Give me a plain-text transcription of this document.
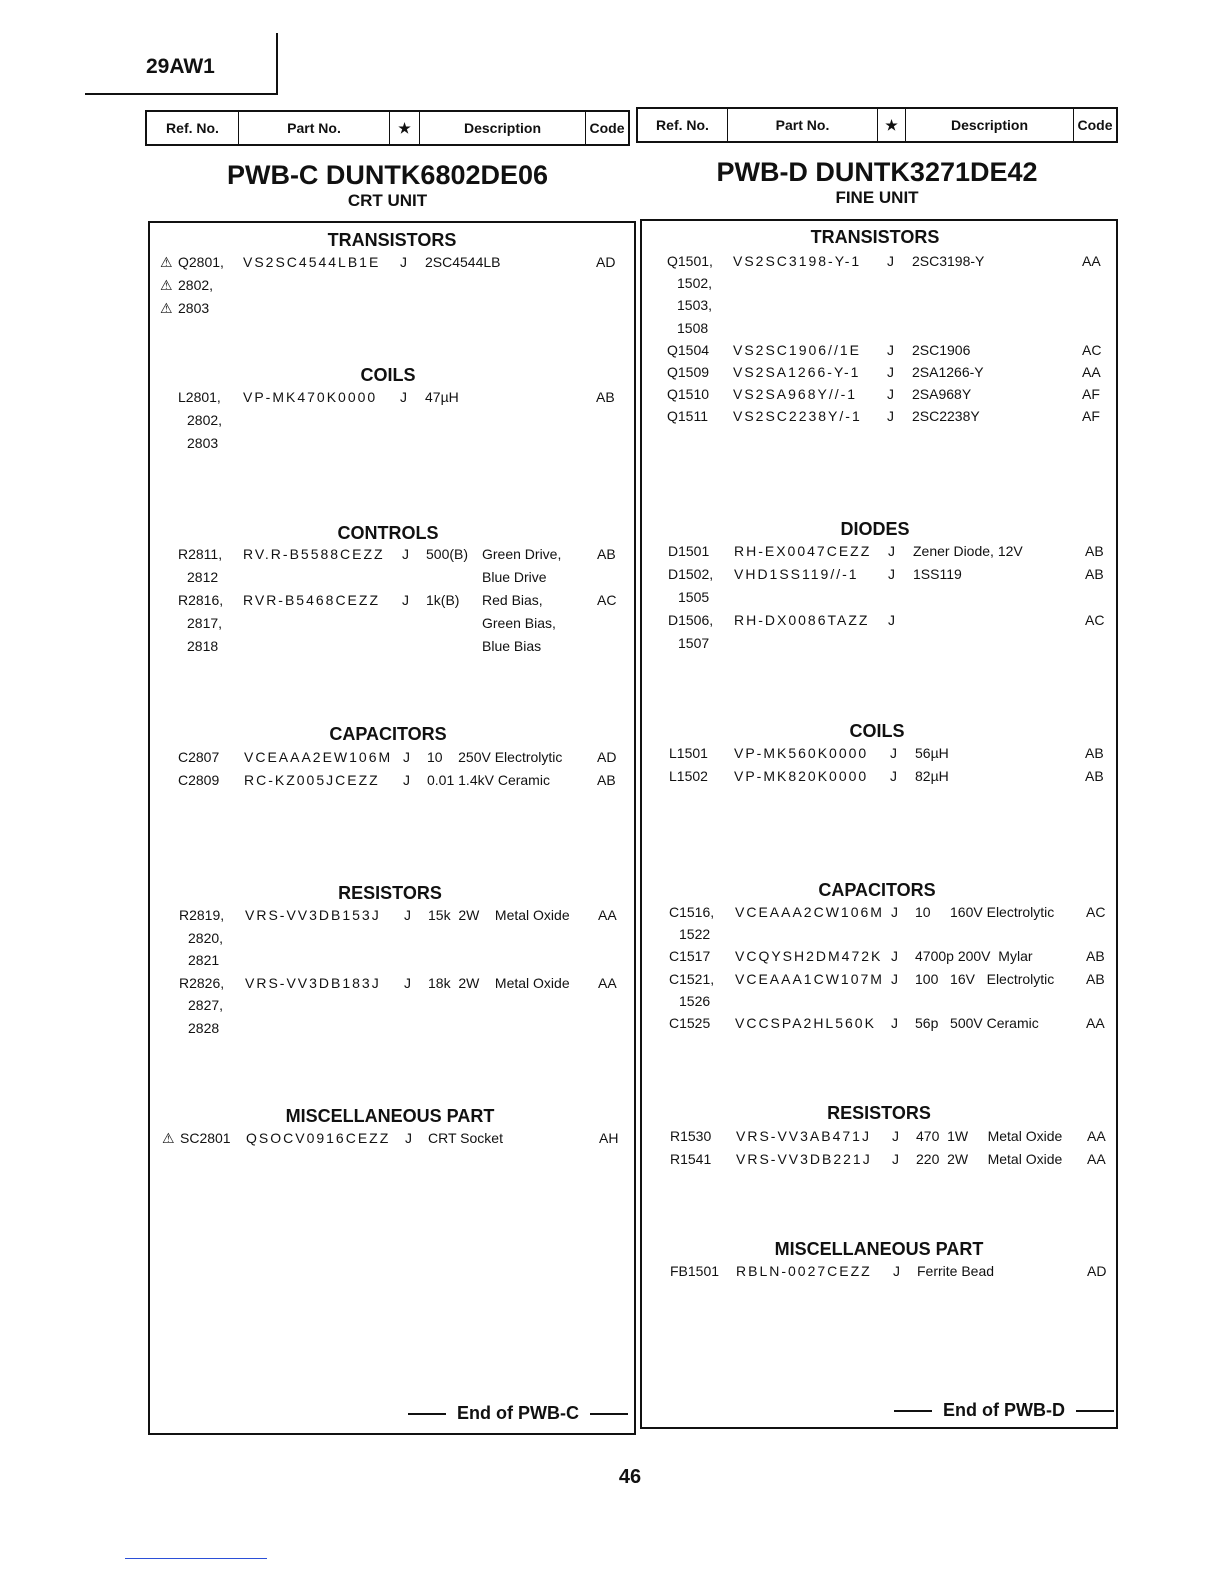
29AW1
Ref. No.	Part No.	★	Description	Code	Ref. No.	Part No.	★	Description	Code
PWB-C DUNTK6802DE06
CRT UNIT
PWB-D DUNTK3271DE42
FINE UNIT
TRANSISTORS
⚠ Q2801, VS2SC4544LB1E J 2SC4544LB	AD
⚠ 2802,
⚠ 2803
COILS
L2801, VP-MK470K0000 J 47µH	AB
2802,
2803
CONTROLS
R2811, RV.R-B5588CEZZ J 500(B) Green Drive,	AB
2812	Blue Drive
R2816, RVR-B5468CEZZ J 1k(B) Red Bias,	AC
2817,	Green Bias,
2818	Blue Bias
CAPACITORS
C2807 VCEAAA2EW106M J 10    250V Electrolytic AD
C2809 RC-KZ005JCEZZ J 0.01 1.4kV Ceramic	AB
RESISTORS
R2819, VRS-VV3DB153J J 15k  2W    Metal Oxide AA
2820,
2821
R2826, VRS-VV3DB183J J 18k  2W    Metal Oxide AA
2827,
2828
MISCELLANEOUS PART
⚠ SC2801 QSOCV0916CEZZ J CRT Socket	AH
TRANSISTORS
Q1501, VS2SC3198-Y-1 J 2SC3198-Y	AA
1502,
1503,
1508
Q1504 VS2SC1906//1E J 2SC1906	AC
Q1509 VS2SA1266-Y-1 J 2SA1266-Y	AA
Q1510 VS2SA968Y//-1 J 2SA968Y	AF
Q1511 VS2SC2238Y/-1 J 2SC2238Y	AF
DIODES
D1501 RH-EX0047CEZZ J Zener Diode, 12V	AB
D1502, VHD1SS119//-1 J 1SS119	AB
1505
D1506, RH-DX0086TAZZ J	AC
1507
COILS
L1501 VP-MK560K0000 J 56µH	AB
L1502 VP-MK820K0000 J 82µH	AB
CAPACITORS
C1516, VCEAAA2CW106M J 10     160V Electrolytic AC
1522
C1517 VCQYSH2DM472K J 4700p 200V  Mylar	AB
C1521, VCEAAA1CW107M J 100   16V   Electrolytic AB
1526
C1525 VCCSPA2HL560K J 56p   500V Ceramic	AA
RESISTORS
R1530 VRS-VV3AB471J J 470  1W     Metal Oxide AA
R1541 VRS-VV3DB221J J 220  2W     Metal Oxide AA
MISCELLANEOUS PART
FB1501 RBLN-0027CEZZ J Ferrite Bead	AD
End of PWB-C	End of PWB-D
46
